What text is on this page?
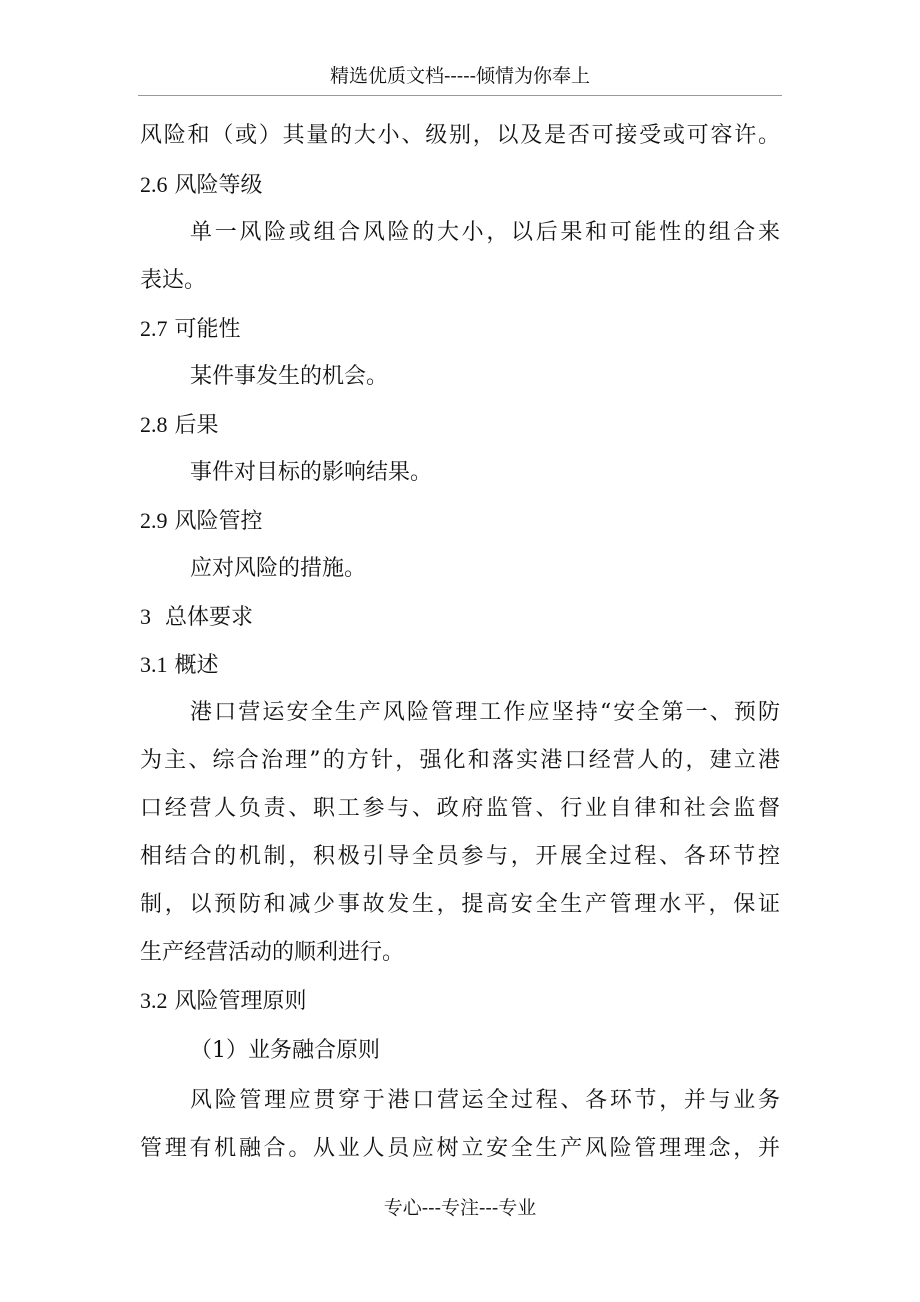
精选优质文档-----倾情为你奉上
风险和（或）其量的大小、级别，以及是否可接受或可容许。
2.6 风险等级
单一风险或组合风险的大小，以后果和可能性的组合来
表达。
2.7 可能性
某件事发生的机会。
2.8 后果
事件对目标的影响结果。
2.9 风险管控
应对风险的措施。
3 总体要求
3.1 概述
港口营运安全生产风险管理工作应坚持“安全第一、预防
为主、综合治理”的方针，强化和落实港口经营人的，建立港
口经营人负责、职工参与、政府监管、行业自律和社会监督
相结合的机制，积极引导全员参与，开展全过程、各环节控
制，以预防和减少事故发生，提高安全生产管理水平，保证
生产经营活动的顺利进行。
3.2 风险管理原则
（1）业务融合原则
风险管理应贯穿于港口营运全过程、各环节，并与业务
管理有机融合。从业人员应树立安全生产风险管理理念，并
专心---专注---专业
